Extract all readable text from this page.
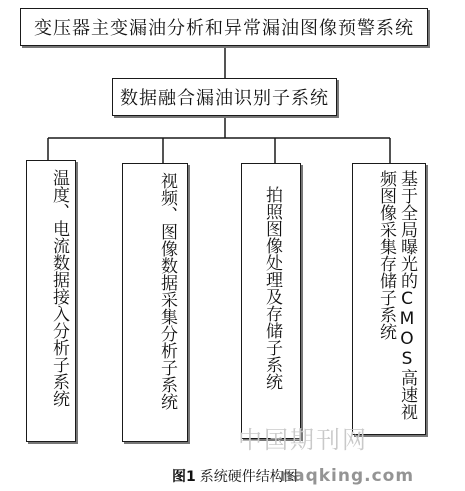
变压器主变漏油分析和异常漏油图像预警系统
数据融合漏油识别子系统
温度、电流数据接入分析子系统	视频、图像数据采集分析子系统	拍照图像处理及存储子系统	基于全局曝光的CMOS高速视频图像采集存储子系统
中国期刊网
图1 系统硬件结构图
naqking.com
